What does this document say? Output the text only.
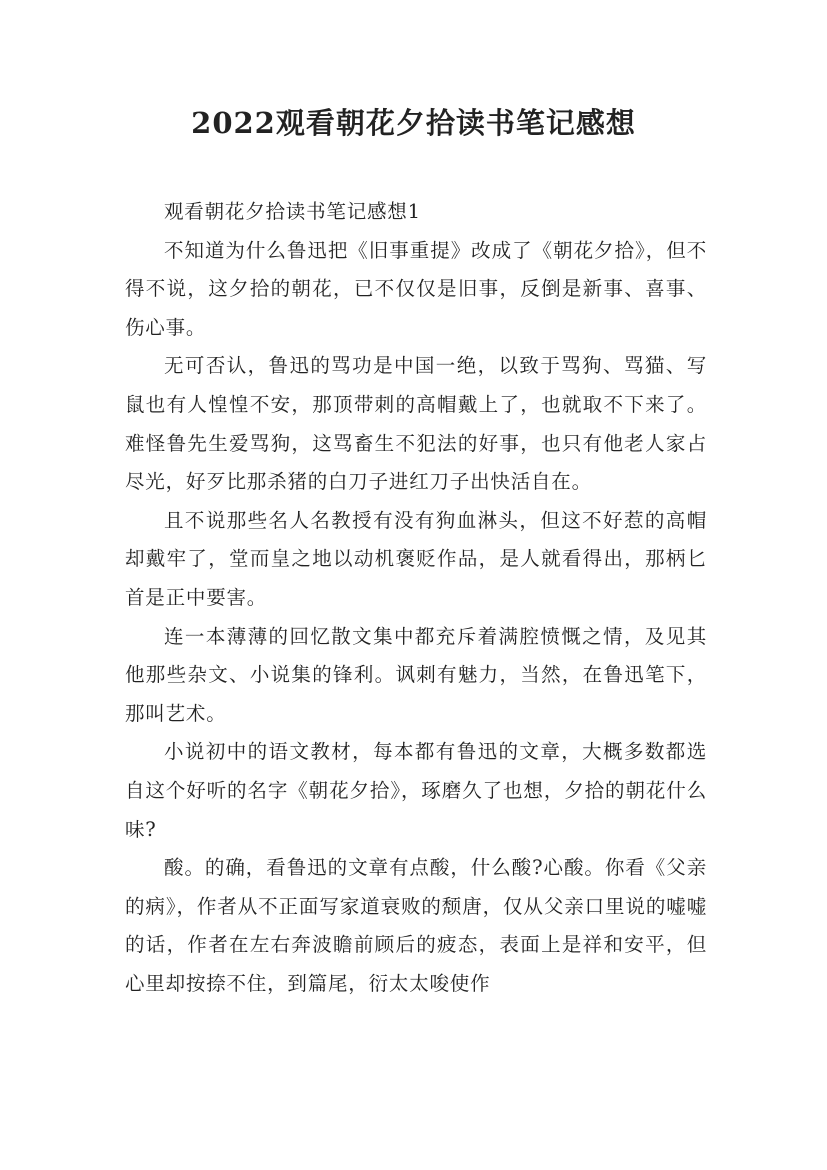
2022观看朝花夕拾读书笔记感想

观看朝花夕拾读书笔记感想1

不知道为什么鲁迅把《旧事重提》改成了《朝花夕拾》，但不得不说，这夕拾的朝花，已不仅仅是旧事，反倒是新事、喜事、伤心事。

无可否认，鲁迅的骂功是中国一绝，以致于骂狗、骂猫、写鼠也有人惶惶不安，那顶带刺的高帽戴上了，也就取不下来了。难怪鲁先生爱骂狗，这骂畜生不犯法的好事，也只有他老人家占尽光，好歹比那杀猪的白刀子进红刀子出快活自在。

且不说那些名人名教授有没有狗血淋头，但这不好惹的高帽却戴牢了，堂而皇之地以动机褒贬作品，是人就看得出，那柄匕首是正中要害。

连一本薄薄的回忆散文集中都充斥着满腔愤慨之情，及见其他那些杂文、小说集的锋利。讽刺有魅力，当然，在鲁迅笔下，那叫艺术。

小说初中的语文教材，每本都有鲁迅的文章，大概多数都选自这个好听的名字《朝花夕拾》，琢磨久了也想，夕拾的朝花什么味?

酸。的确，看鲁迅的文章有点酸，什么酸?心酸。你看《父亲的病》，作者从不正面写家道衰败的颓唐，仅从父亲口里说的嘘嘘的话，作者在左右奔波瞻前顾后的疲态，表面上是祥和安平，但心里却按捺不住，到篇尾，衍太太唆使作
